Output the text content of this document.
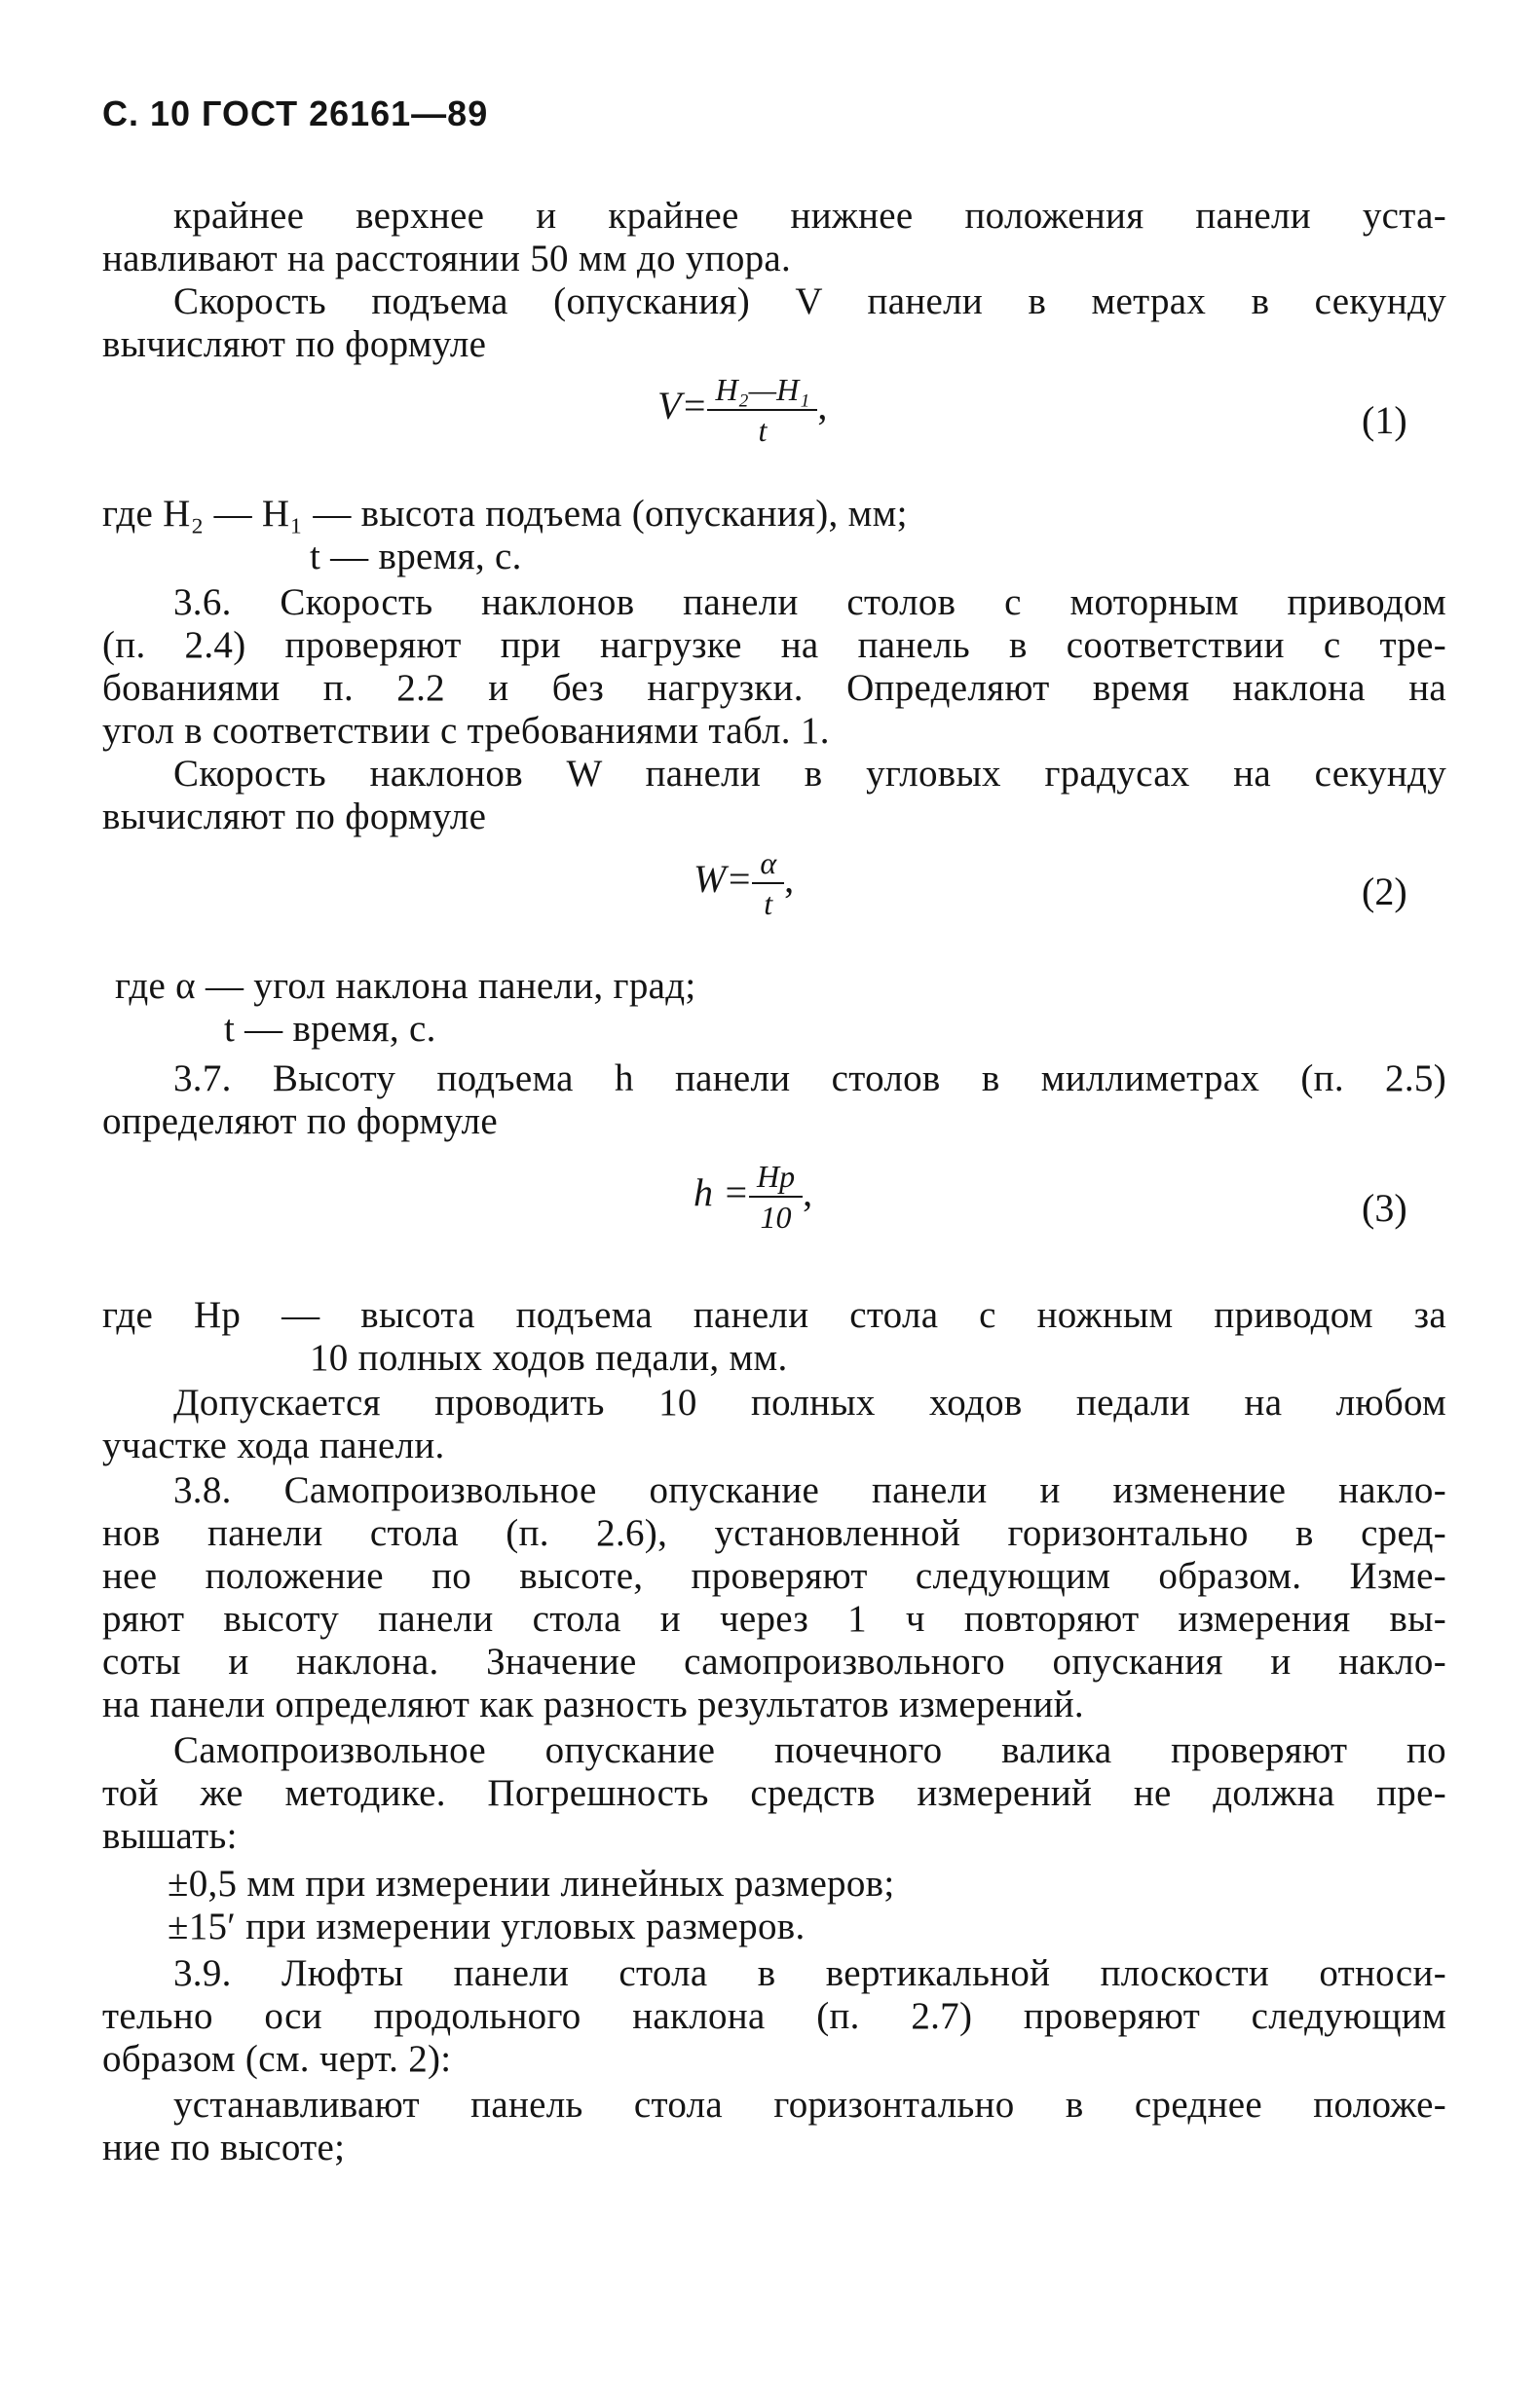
С. 10 ГОСТ 26161—89
крайнее верхнее и крайнее нижнее положения панели уста-
навливают на расстоянии 50 мм до упора.
Скорость подъема (опускания) V панели в метрах в секунду
вычисляют по формуле
$V= \frac{\text{H₂—H₁}}{t}$ ,	(1)
где H₂ — H₁ — высота подъема (опускания), мм;
t — время, с.
3.6. Скорость наклонов панели столов с моторным приводом
(п. 2.4) проверяют при нагрузке на панель в соответствии с тре-
бованиями п. 2.2 и без нагрузки. Определяют время наклона на
угол в соответствии с требованиями табл. 1.
Скорость наклонов W панели в угловых градусах на секунду
вычисляют по формуле
$W= \frac{\alpha}{t}$ ,	(2)
где α — угол наклона панели, град;
t — время, с.
3.7. Высоту подъема h панели столов в миллиметрах (п. 2.5)
определяют по формуле
$h = \frac{Hр}{10}$ ,	(3)
где Hр — высота подъема панели стола с ножным приводом за
10 полных ходов педали, мм.
Допускается проводить 10 полных ходов педали на любом
участке хода панели.
3.8. Самопроизвольное опускание панели и изменение накло-
нов панели стола (п. 2.6), установленной горизонтально в сред-
нее положение по высоте, проверяют следующим образом. Изме-
ряют высоту панели стола и через 1 ч повторяют измерения вы-
соты и наклона. Значение самопроизвольного опускания и накло-
на панели определяют как разность результатов измерений.
Самопроизвольное опускание почечного валика проверяют по
той же методике. Погрешность средств измерений не должна пре-
вышать:
±0,5 мм при измерении линейных размеров;
±15′ при измерении угловых размеров.
3.9. Люфты панели стола в вертикальной плоскости относи-
тельно оси продольного наклона (п. 2.7) проверяют следующим
образом (см. черт. 2):
устанавливают панель стола горизонтально в среднее положе-
ние по высоте;
